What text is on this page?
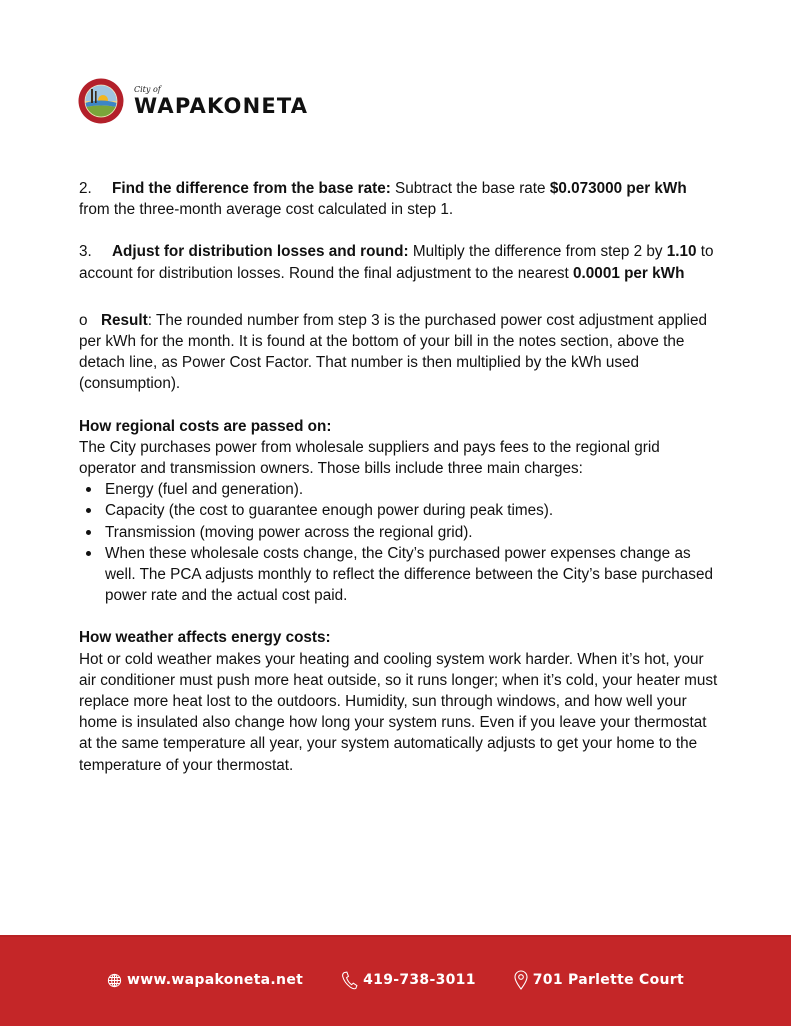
City of
WAPAKONETA

2. Find the difference from the base rate: Subtract the base rate $0.073000 per kWh from the three-month average cost calculated in step 1.

3. Adjust for distribution losses and round: Multiply the difference from step 2 by 1.10 to account for distribution losses. Round the final adjustment to the nearest 0.0001 per kWh

o Result: The rounded number from step 3 is the purchased power cost adjustment applied per kWh for the month. It is found at the bottom of your bill in the notes section, above the detach line, as Power Cost Factor. That number is then multiplied by the kWh used (consumption).

How regional costs are passed on:

The City purchases power from wholesale suppliers and pays fees to the regional grid operator and transmission owners. Those bills include three main charges:

Energy (fuel and generation).
Capacity (the cost to guarantee enough power during peak times).
Transmission (moving power across the regional grid).
When these wholesale costs change, the City’s purchased power expenses change as well. The PCA adjusts monthly to reflect the difference between the City’s base purchased power rate and the actual cost paid.

How weather affects energy costs:

Hot or cold weather makes your heating and cooling system work harder. When it’s hot, your air conditioner must push more heat outside, so it runs longer; when it’s cold, your heater must replace more heat lost to the outdoors. Humidity, sun through windows, and how well your home is insulated also change how long your system runs. Even if you leave your thermostat at the same temperature all year, your system automatically adjusts to get your home to the temperature of your thermostat.

www.wapakoneta.net	419-738-3011	701 Parlette Court
